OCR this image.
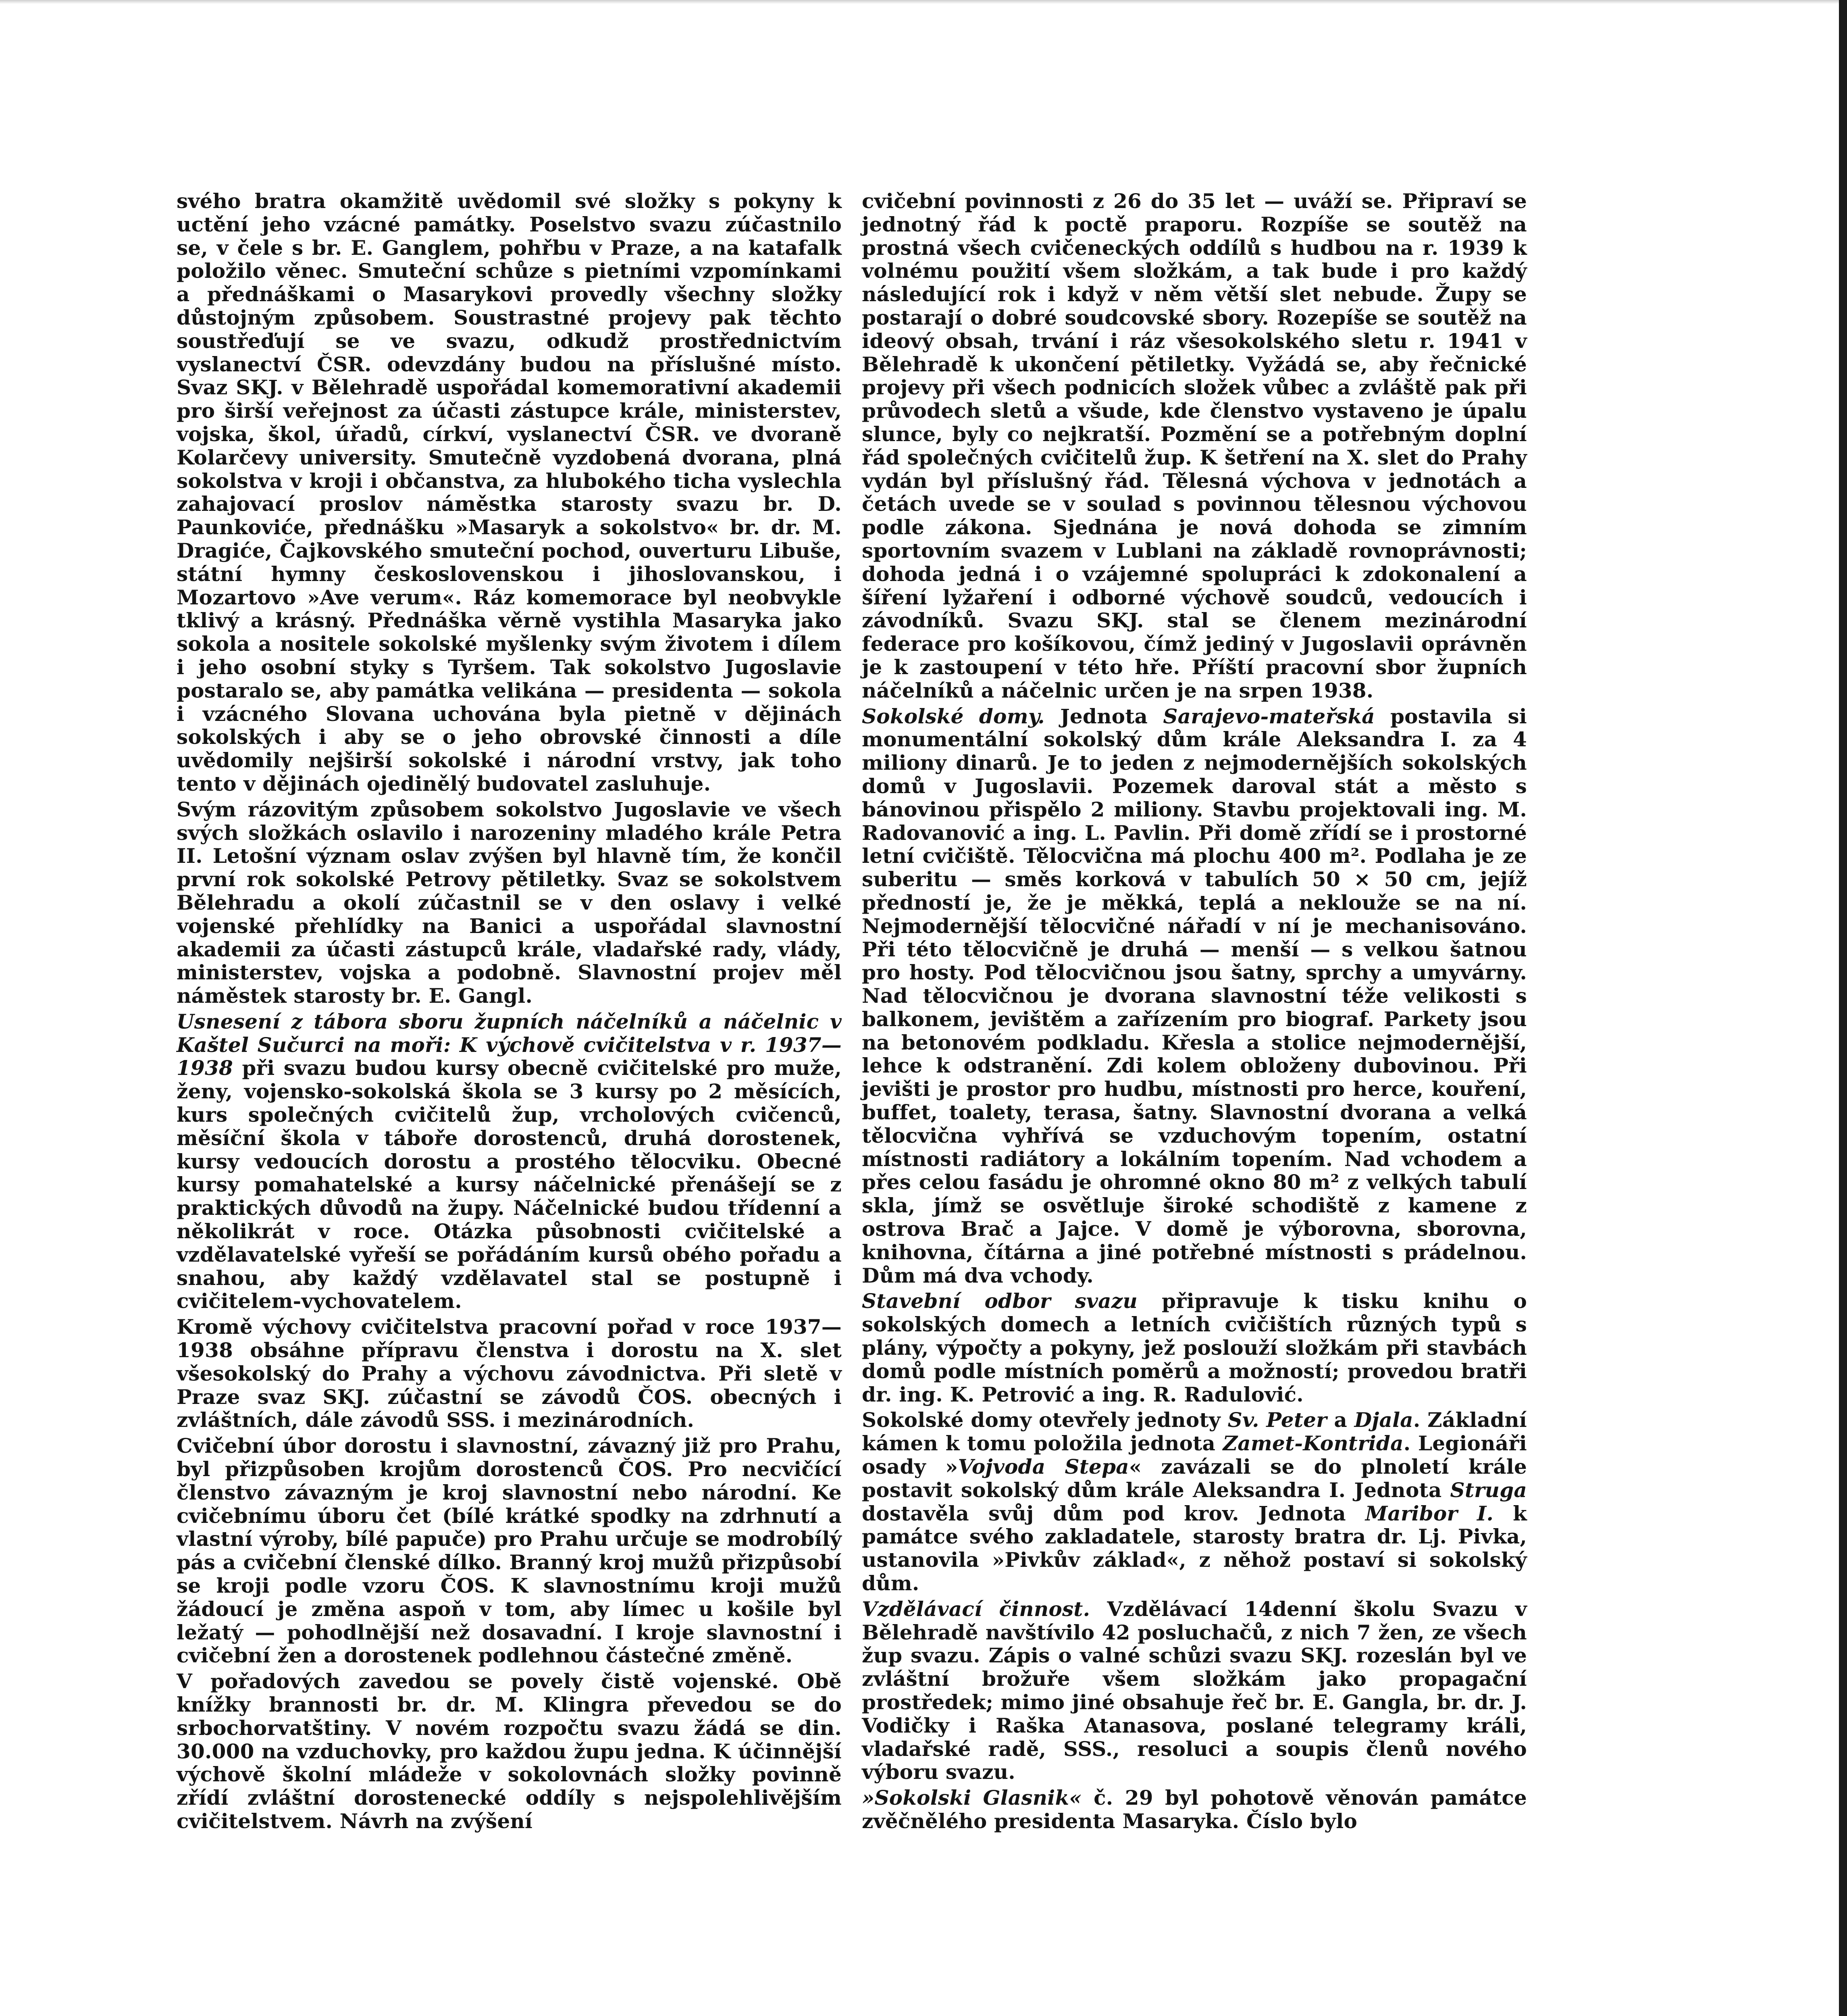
svého bratra okamžitě uvědomil své složky s pokyny k uctění jeho vzácné památky. Poselstvo svazu zúčastnilo se, v čele s br. E. Ganglem, pohřbu v Praze, a na katafalk položilo věnec. Smuteční schůze s pietními vzpomínkami a přednáškami o Masarykovi provedly všechny složky důstojným způsobem. Soustrastné projevy pak těchto soustřeďují se ve svazu, odkudž prostřednictvím vyslanectví ČSR. odevzdány budou na příslušné místo. Svaz SKJ. v Bělehradě uspořádal komemorativní akademii pro širší veřejnost za účasti zástupce krále, ministerstev, vojska, škol, úřadů, církví, vyslanectví ČSR. ve dvoraně Kolarčevy university. Smutečně vyzdobená dvorana, plná sokolstva v kroji i občanstva, za hlubokého ticha vyslechla zahajovací proslov náměstka starosty svazu br. D. Paunkoviće, přednášku »Masaryk a sokolstvo« br. dr. M. Dragiće, Čajkovského smuteční pochod, ouverturu Libuše, státní hymny československou i jihoslovanskou, i Mozartovo »Ave verum«. Ráz komemorace byl neobvykle tklivý a krásný. Přednáška věrně vystihla Masaryka jako sokola a nositele sokolské myšlenky svým životem i dílem i jeho osobní styky s Tyršem. Tak sokolstvo Jugoslavie postaralo se, aby památka velikána — presidenta — sokola i vzácného Slovana uchována byla pietně v dějinách sokolských i aby se o jeho obrovské činnosti a díle uvědomily nejširší sokolské i národní vrstvy, jak toho tento v dějinách ojedinělý budovatel zasluhuje.

Svým rázovitým způsobem sokolstvo Jugoslavie ve všech svých složkách oslavilo i narozeniny mladého krále Petra II. Letošní význam oslav zvýšen byl hlavně tím, že končil první rok sokolské Petrovy pětiletky. Svaz se sokolstvem Bělehradu a okolí zúčastnil se v den oslavy i velké vojenské přehlídky na Banici a uspořádal slavnostní akademii za účasti zástupců krále, vladařské rady, vlády, ministerstev, vojska a podobně. Slavnostní projev měl náměstek starosty br. E. Gangl.

Usnesení z tábora sboru župních náčelníků a náčelnic v Kaštel Sučurci na moři: K výchově cvičitelstva v r. 1937—1938 při svazu budou kursy obecně cvičitelské pro muže, ženy, vojensko-sokolská škola se 3 kursy po 2 měsících, kurs společných cvičitelů žup, vrcholových cvičenců, měsíční škola v táboře dorostenců, druhá dorostenek, kursy vedoucích dorostu a prostého tělocviku. Obecné kursy pomahatelské a kursy náčelnické přenášejí se z praktických důvodů na župy. Náčelnické budou třídenní a několikrát v roce. Otázka působnosti cvičitelské a vzdělavatelské vyřeší se pořádáním kursů obého pořadu a snahou, aby každý vzdělavatel stal se postupně i cvičitelem-vychovatelem.

Kromě výchovy cvičitelstva pracovní pořad v roce 1937—1938 obsáhne přípravu členstva i dorostu na X. slet všesokolský do Prahy a výchovu závodnictva. Při sletě v Praze svaz SKJ. zúčastní se závodů ČOS. obecných i zvláštních, dále závodů SSS. i mezinárodních.

Cvičební úbor dorostu i slavnostní, závazný již pro Prahu, byl přizpůsoben krojům dorostenců ČOS. Pro necvičící členstvo závazným je kroj slavnostní nebo národní. Ke cvičebnímu úboru čet (bílé krátké spodky na zdrhnutí a vlastní výroby, bílé papuče) pro Prahu určuje se modrobílý pás a cvičební členské dílko. Branný kroj mužů přizpůsobí se kroji podle vzoru ČOS. K slavnostnímu kroji mužů žádoucí je změna aspoň v tom, aby límec u košile byl ležatý — pohodlnější než dosavadní. I kroje slavnostní i cvičební žen a dorostenek podlehnou částečné změně.

V pořadových zavedou se povely čistě vojenské. Obě knížky brannosti br. dr. M. Klingra převedou se do srbochorvatštiny. V novém rozpočtu svazu žádá se din. 30.000 na vzduchovky, pro každou župu jedna. K účinnější výchově školní mládeže v sokolovnách složky povinně zřídí zvláštní dorostenecké oddíly s nejspolehlivějším cvičitelstvem. Návrh na zvýšení

cvičební povinnosti z 26 do 35 let — uváží se. Připraví se jednotný řád k poctě praporu. Rozpíše se soutěž na prostná všech cvičeneckých oddílů s hudbou na r. 1939 k volnému použití všem složkám, a tak bude i pro každý následující rok i když v něm větší slet nebude. Župy se postarají o dobré soudcovské sbory. Rozepíše se soutěž na ideový obsah, trvání i ráz všesokolského sletu r. 1941 v Bělehradě k ukončení pětiletky. Vyžádá se, aby řečnické projevy při všech podnicích složek vůbec a zvláště pak při průvodech sletů a všude, kde členstvo vystaveno je úpalu slunce, byly co nejkratší. Pozmění se a potřebným doplní řád společných cvičitelů žup. K šetření na X. slet do Prahy vydán byl příslušný řád. Tělesná výchova v jednotách a četách uvede se v soulad s povinnou tělesnou výchovou podle zákona. Sjednána je nová dohoda se zimním sportovním svazem v Lublani na základě rovnoprávnosti; dohoda jedná i o vzájemné spolupráci k zdokonalení a šíření lyžaření i odborné výchově soudců, vedoucích i závodníků. Svazu SKJ. stal se členem mezinárodní federace pro košíkovou, čímž jediný v Jugoslavii oprávněn je k zastoupení v této hře. Příští pracovní sbor župních náčelníků a náčelnic určen je na srpen 1938.

Sokolské domy. Jednota Sarajevo-mateřská postavila si monumentální sokolský dům krále Aleksandra I. za 4 miliony dinarů. Je to jeden z nejmodernějších sokolských domů v Jugoslavii. Pozemek daroval stát a město s bánovinou přispělo 2 miliony. Stavbu projektovali ing. M. Radovanović a ing. L. Pavlin. Při domě zřídí se i prostorné letní cvičiště. Tělocvična má plochu 400 m². Podlaha je ze suberitu — směs korková v tabulích 50 × 50 cm, jejíž předností je, že je měkká, teplá a neklouže se na ní. Nejmodernější tělocvičné nářadí v ní je mechanisováno. Při této tělocvičně je druhá — menší — s velkou šatnou pro hosty. Pod tělocvičnou jsou šatny, sprchy a umyvárny. Nad tělocvičnou je dvorana slavnostní téže velikosti s balkonem, jevištěm a zařízením pro biograf. Parkety jsou na betonovém podkladu. Křesla a stolice nejmodernější, lehce k odstranění. Zdi kolem obloženy dubovinou. Při jevišti je prostor pro hudbu, místnosti pro herce, kouření, buffet, toalety, terasa, šatny. Slavnostní dvorana a velká tělocvična vyhřívá se vzduchovým topením, ostatní místnosti radiátory a lokálním topením. Nad vchodem a přes celou fasádu je ohromné okno 80 m² z velkých tabulí skla, jímž se osvětluje široké schodiště z kamene z ostrova Brač a Jajce. V domě je výborovna, sborovna, knihovna, čítárna a jiné potřebné místnosti s prádelnou. Dům má dva vchody.

Stavební odbor svazu připravuje k tisku knihu o sokolských domech a letních cvičištích různých typů s plány, výpočty a pokyny, jež poslouží složkám při stavbách domů podle místních poměrů a možností; provedou bratři dr. ing. K. Petrović a ing. R. Radulović.

Sokolské domy otevřely jednoty Sv. Peter a Djala. Základní kámen k tomu položila jednota Zamet-Kontrida. Legionáři osady »Vojvoda Stepa« zavázali se do plnoletí krále postavit sokolský dům krále Aleksandra I. Jednota Struga dostavěla svůj dům pod krov. Jednota Maribor I. k památce svého zakladatele, starosty bratra dr. Lj. Pivka, ustanovila »Pivkův základ«, z něhož postaví si sokolský dům.

Vzdělávací činnost. Vzdělávací 14denní školu Svazu v Bělehradě navštívilo 42 posluchačů, z nich 7 žen, ze všech žup svazu. Zápis o valné schůzi svazu SKJ. rozeslán byl ve zvláštní brožuře všem složkám jako propagační prostředek; mimo jiné obsahuje řeč br. E. Gangla, br. dr. J. Vodičky i Raška Atanasova, poslané telegramy králi, vladařské radě, SSS., resoluci a soupis členů nového výboru svazu.

»Sokolski Glasnik« č. 29 byl pohotově věnován památce zvěčnělého presidenta Masaryka. Číslo bylo
